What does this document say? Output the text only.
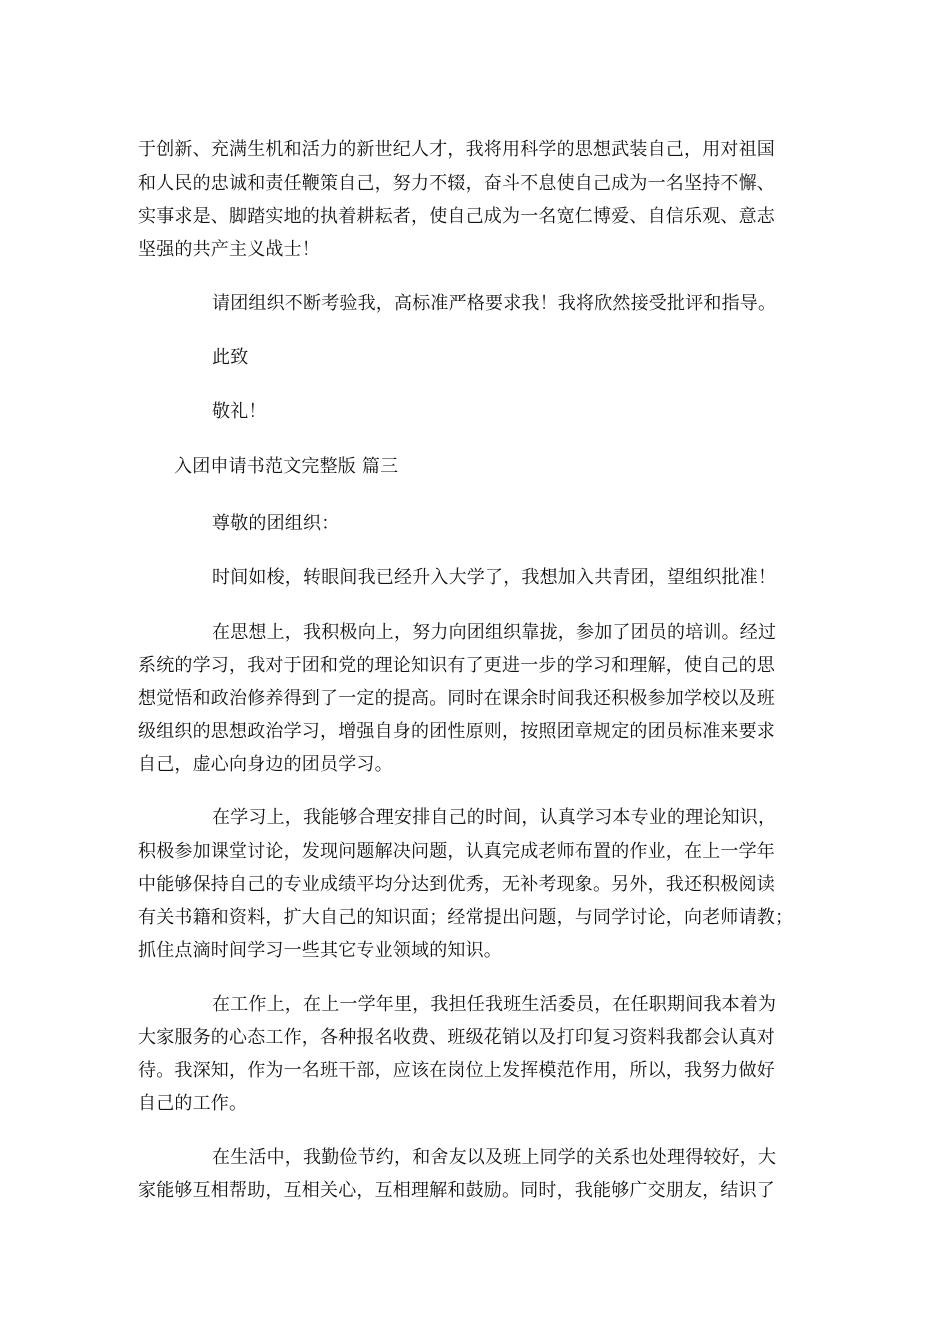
于创新、充满生机和活力的新世纪人才，我将用科学的思想武装自己，用对祖国
和人民的忠诚和责任鞭策自己，努力不辍，奋斗不息使自己成为一名坚持不懈、
实事求是、脚踏实地的执着耕耘者，使自己成为一名宽仁博爱、自信乐观、意志
坚强的共产主义战士！
请团组织不断考验我，高标准严格要求我！我将欣然接受批评和指导。
此致
敬礼！
入团申请书范文完整版 篇三
尊敬的团组织：
时间如梭，转眼间我已经升入大学了，我想加入共青团，望组织批准！
在思想上，我积极向上，努力向团组织靠拢，参加了团员的培训。经过
系统的学习，我对于团和党的理论知识有了更进一步的学习和理解，使自己的思
想觉悟和政治修养得到了一定的提高。同时在课余时间我还积极参加学校以及班
级组织的思想政治学习，增强自身的团性原则，按照团章规定的团员标准来要求
自己，虚心向身边的团员学习。
在学习上，我能够合理安排自己的时间，认真学习本专业的理论知识，
积极参加课堂讨论，发现问题解决问题，认真完成老师布置的作业，在上一学年
中能够保持自己的专业成绩平均分达到优秀，无补考现象。另外，我还积极阅读
有关书籍和资料，扩大自己的知识面；经常提出问题，与同学讨论，向老师请教；
抓住点滴时间学习一些其它专业领域的知识。
在工作上，在上一学年里，我担任我班生活委员，在任职期间我本着为
大家服务的心态工作，各种报名收费、班级花销以及打印复习资料我都会认真对
待。我深知，作为一名班干部，应该在岗位上发挥模范作用，所以，我努力做好
自己的工作。
在生活中，我勤俭节约，和舍友以及班上同学的关系也处理得较好，大
家能够互相帮助，互相关心，互相理解和鼓励。同时，我能够广交朋友，结识了
